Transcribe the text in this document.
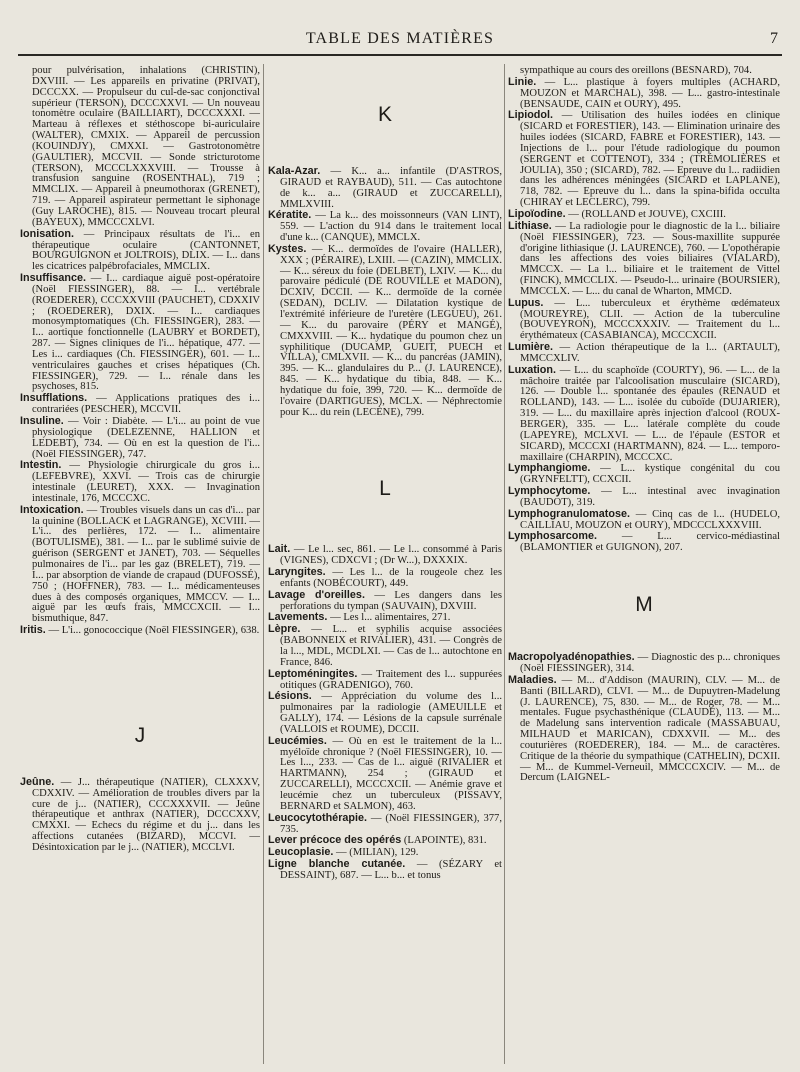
TABLE DES MATIÈRES	7

pour pulvérisation, inhalations (CHRISTIN), DXVIII. — Les appareils en privatine (PRIVAT), DCCCXX. — Propulseur du cul-de-sac conjonctival supérieur (TERSON), DCCCXXVI. — Un nouveau tonomètre oculaire (BAILLIART), DCCCXXXI. — Marteau à réflexes et stéthoscope bi-auriculaire (WALTER), CMXIX. — Appareil de percussion (KOUINDJY), CMXXI. — Gastrotonomètre (GAULTIER), MCCVII. — Sonde stricturotome (TERSON), MCCCLXXXVIII. — Trousse à transfusion sanguine (ROSENTHAL), 719 ; MMCLIX. — Appareil à pneumothorax (GRENET), 719. — Appareil aspirateur permettant le siphonage (Guy LAROCHE), 815. — Nouveau trocart pleural (BAYEUX), MMCCCXLVI.

Ionisation. — Principaux résultats de l'i... en thérapeutique oculaire (CANTONNET, BOURGUIGNON et JOLTROIS), DLIX. — I... dans les cicatrices palpébrofaciales, MMCLIX.

Insuffisance. — I... cardiaque aiguë post-opératoire (Noël FIESSINGER), 88. — I... vertébrale (ROEDERER), CCCXXVIII (PAUCHET), CDXXIV ; (ROEDERER), DXIX. — I... cardiaques monosymptomatiques (Ch. FIESSINGER), 283. — I... aortique fonctionnelle (LAUBRY et BORDET), 287. — Signes cliniques de l'i... hépatique, 477. — Les i... cardiaques (Ch. FIESSINGER), 601. — I... ventriculaires gauches et crises hépatiques (Ch. FIESSINGER), 729. — I... rénale dans les psychoses, 815.

Insufflations. — Applications pratiques des i... contrariées (PESCHER), MCCVII.

Insuline. — Voir : Diabète. — L'i... au point de vue physiologique (DELEZENNE, HALLION et LEDEBT), 734. — Où en est la question de l'i... (Noël FIESSINGER), 747.

Intestin. — Physiologie chirurgicale du gros i... (LEFEBVRE), XXVI. — Trois cas de chirurgie intestinale (LEURET), XXX. — Invagination intestinale, 176, MCCCXC.

Intoxication. — Troubles visuels dans un cas d'i... par la quinine (BOLLACK et LAGRANGE), XCVIII. — L'i... des perlières, 172. — I... alimentaire (BOTULISME), 381. — I... par le sublimé suivie de guérison (SERGENT et JANET), 703. — Séquelles pulmonaires de l'i... par les gaz (BRELET), 719. — I... par absorption de viande de crapaud (DUFOSSÉ), 750 ; (HOFFNER), 783. — I... médicamenteuses dues à des composés organiques, MMCCV. — I... aiguë par les œufs frais, MMCCXCII. — I... bismuthique, 847.

Iritis. — L'i... gonococcique (Noël FIESSINGER), 638.

J

Jeûne. — J... thérapeutique (NATIER), CLXXXV, CDXXIV. — Amélioration de troubles divers par la cure de j... (NATIER), CCCXXXVII. — Jeûne thérapeutique et anthrax (NATIER), DCCCXXV, CMXXI. — Echecs du régime et du j... dans les affections cutanées (BIZARD), MCCVI. — Désintoxication par le j... (NATIER), MCCLVI.

K

Kala-Azar. — K... a... infantile (D'ASTROS, GIRAUD et RAYBAUD), 511. — Cas autochtone de k... a... (GIRAUD et ZUCCARELLI), MMLXVIII.

Kératite. — La k... des moissonneurs (VAN LINT), 559. — L'action du 914 dans le traitement local d'une k... (CANQUE), MMCLX.

Kystes. — K... dermoïdes de l'ovaire (HALLER), XXX ; (PÉRAIRE), LXIII. — (CAZIN), MMCLIX. — K... séreux du foie (DELBET), LXIV. — K... du parovaire pédiculé (DE ROUVILLE et MADON), DCXIV, DCCII. — K... dermoïde de la cornée (SEDAN), DCLIV. — Dilatation kystique de l'extrémité inférieure de l'uretère (LEGUEU), 261. — K... du parovaire (PÉRY et MANGÉ), CMXXVIII. — K... hydatique du poumon chez un syphilitique (DUCAMP, GUEIT, PUECH et VILLA), CMLXVII. — K... du pancréas (JAMIN), 395. — K... glandulaires du P... (J. LAURENCE), 845. — K... hydatique du tibia, 848. — K... hydatique du foie, 399, 720. — K... dermoïde de l'ovaire (DARTIGUES), MCLX. — Néphrectomie pour K... du rein (LECÈNE), 799.

L

Lait. — Le l... sec, 861. — Le l... consommé à Paris (VIGNES), CDXCVI ; (Dr W...), DXXXIX.

Laryngites. — Les l... de la rougeole chez les enfants (NOBÉCOURT), 449.

Lavage d'oreilles. — Les dangers dans les perforations du tympan (SAUVAIN), DXVIII.

Lavements. — Les l... alimentaires, 271.

Lèpre. — L... et syphilis acquise associées (BABONNEIX et RIVALIER), 431. — Congrès de la l..., MDL, MCDLXI. — Cas de l... autochtone en France, 846.

Leptoméningites. — Traitement des l... suppurées otitiques (GRADENIGO), 760.

Lésions. — Appréciation du volume des l... pulmonaires par la radiologie (AMEUILLE et GALLY), 174. — Lésions de la capsule surrénale (VALLOIS et ROUME), DCCII.

Leucémies. — Où en est le traitement de la l... myéloïde chronique ? (Noël FIESSINGER), 10. — Les l..., 233. — Cas de l... aiguë (RIVALIER et HARTMANN), 254 ; (GIRAUD et ZUCCARELLI), MCCCXCII. — Anémie grave et leucémie chez un tuberculeux (PISSAVY, BERNARD et SALMON), 463.

Leucocytothérapie. — (Noël FIESSINGER), 377, 735.

Lever précoce des opérés (LAPOINTE), 831.

Leucoplasie. — (MILIAN), 129.

Ligne blanche cutanée. — (SÉZARY et DESSAINT), 687. — L... b... et tonus

sympathique au cours des oreillons (BESNARD), 704.

Linie. — L... plastique à foyers multiples (ACHARD, MOUZON et MARCHAL), 398. — L... gastro-intestinale (BENSAUDE, CAIN et OURY), 495.

Lipiodol. — Utilisation des huiles iodées en clinique (SICARD et FORESTIER), 143. — Elimination urinaire des huiles iodées (SICARD, FABRE et FORESTIER), 143. — Injections de l... pour l'étude radiologique du poumon (SERGENT et COTTENOT), 334 ; (TRÉMOLIÈRES et JOULIA), 350 ; (SICARD), 782. — Epreuve du l... radiidien dans les adhérences méningées (SICARD et LAPLANE), 718, 782. — Epreuve du l... dans la spina-bifida occulta (CHIRAY et LECLERC), 799.

Lipoïodine. — (ROLLAND et JOUVE), CXCIII.

Lithiase. — La radiologie pour le diagnostic de la l... biliaire (Noël FIESSINGER), 723. — Sous-maxillite suppurée d'origine lithiasique (J. LAURENCE), 760. — L'opothérapie dans les affections des voies biliaires (VIALARD), MMCCX. — La l... biliaire et le traitement de Vittel (FINCK), MMCCLIX. — Pseudo-l... urinaire (BOURSIER), MMCCLX. — L... du canal de Wharton, MMCD.

Lupus. — L... tuberculeux et érythème œdémateux (MOUREYRE), CLII. — Action de la tuberculine (BOUVEYRON), MCCCXXXIV. — Traitement du l... érythémateux (CASABIANCA), MCCCXCII.

Lumière. — Action thérapeutique de la l... (ARTAULT), MMCCXLIV.

Luxation. — L... du scaphoïde (COURTY), 96. — L... de la mâchoire traitée par l'alcoolisation musculaire (SICARD), 126. — Double l... spontanée des épaules (RENAUD et ROLLAND), 143. — L... isolée du cuboïde (DUJARIER), 319. — L... du maxillaire après injection d'alcool (ROUX-BERGER), 335. — L... latérale complète du coude (LAPEYRE), MCLXVI. — L... de l'épaule (ESTOR et SICARD), MCCCXI (HARTMANN), 824. — L... temporo-maxillaire (CHARPIN), MCCCXC.

Lymphangiome. — L... kystique congénital du cou (GRYNFELTT), CCXCII.

Lymphocytome. — L... intestinal avec invagination (BAUDOT), 319.

Lymphogranulomatose. — Cinq cas de l... (HUDELO, CAILLIAU, MOUZON et OURY), MDCCCLXXXVIII.

Lymphosarcome. — L... cervico-médiastinal (BLAMONTIER et GUIGNON), 207.

M

Macropolyadénopathies. — Diagnostic des p... chroniques (Noël FIESSINGER), 314.

Maladies. — M... d'Addison (MAURIN), CLV. — M... de Banti (BILLARD), CLVI. — M... de Dupuytren-Madelung (J. LAURENCE), 75, 830. — M... de Roger, 78. — M... mentales. Fugue psychasthénique (CLAUDE), 113. — M... de Madelung sans intervention radicale (MASSABUAU, MILHAUD et MARICAN), CDXXVII. — M... des couturières (ROEDERER), 184. — M... de caractères. Critique de la théorie du sympathique (CATHELIN), DCXII. — M... de Kummel-Verneuil, MMCCCXCIV. — M... de Dercum (LAIGNEL-
